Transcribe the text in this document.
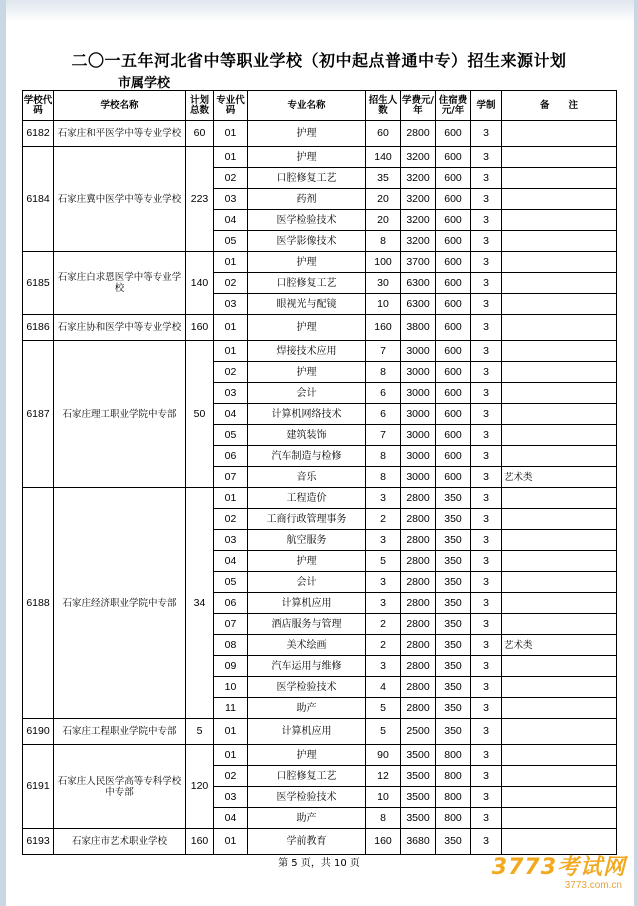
二〇一五年河北省中等职业学校（初中起点普通中专）招生来源计划
市属学校
学校代码	学校名称	计划总数	专业代码	专业名称	招生人数	学费元/年	住宿费元/年	学制	备　　注
6182	石家庄和平医学中等专业学校	60	01	护理	60	2800	600	3	
6184	石家庄冀中医学中等专业学校	223	01	护理	140	3200	600	3	
			02	口腔修复工艺	35	3200	600	3	
			03	药剂	20	3200	600	3	
			04	医学检验技术	20	3200	600	3	
			05	医学影像技术	8	3200	600	3	
6185	石家庄白求恩医学中等专业学校	140	01	护理	100	3700	600	3	
			02	口腔修复工艺	30	6300	600	3	
			03	眼视光与配镜	10	6300	600	3	
6186	石家庄协和医学中等专业学校	160	01	护理	160	3800	600	3	
6187	石家庄理工职业学院中专部	50	01	焊接技术应用	7	3000	600	3	
			02	护理	8	3000	600	3	
			03	会计	6	3000	600	3	
			04	计算机网络技术	6	3000	600	3	
			05	建筑装饰	7	3000	600	3	
			06	汽车制造与检修	8	3000	600	3	
			07	音乐	8	3000	600	3	艺术类
6188	石家庄经济职业学院中专部	34	01	工程造价	3	2800	350	3	
			02	工商行政管理事务	2	2800	350	3	
			03	航空服务	3	2800	350	3	
			04	护理	5	2800	350	3	
			05	会计	3	2800	350	3	
			06	计算机应用	3	2800	350	3	
			07	酒店服务与管理	2	2800	350	3	
			08	美术绘画	2	2800	350	3	艺术类
			09	汽车运用与维修	3	2800	350	3	
			10	医学检验技术	4	2800	350	3	
			11	助产	5	2800	350	3	
6190	石家庄工程职业学院中专部	5	01	计算机应用	5	2500	350	3	
6191	石家庄人民医学高等专科学校中专部	120	01	护理	90	3500	800	3	
			02	口腔修复工艺	12	3500	800	3	
			03	医学检验技术	10	3500	800	3	
			04	助产	8	3500	800	3	
6193	石家庄市艺术职业学校	160	01	学前教育	160	3680	350	3	
第 5 页，共 10 页	3773考试网
3773.com.cn
